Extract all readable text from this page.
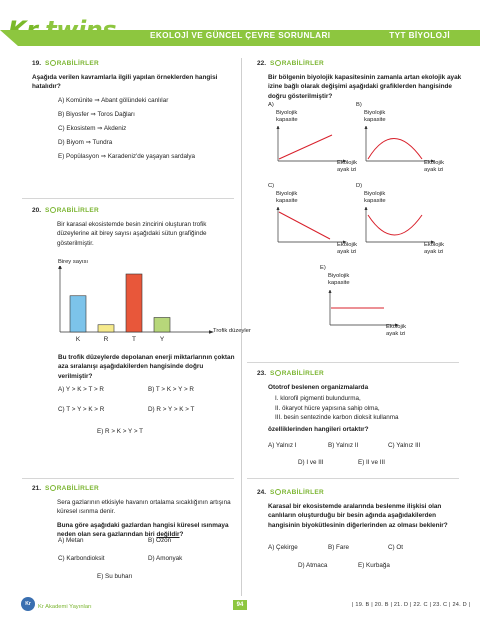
EKOLOJİ VE GÜNCEL ÇEVRE SORUNLARI	TYT BİYOLOJİ
19. S RABİLİRLER
Aşağıda verilen kavramlarla ilgili yapılan örneklerden hangisi hatalıdır?
A) Komünite ⇒ Abant gölündeki canlılar
B) Biyosfer ⇒ Toros Dağları
C) Ekosistem ⇒ Akdeniz
D) Biyom ⇒ Tundra
E) Popülasyon ⇒ Karadeniz'de yaşayan sardalya
20. S RABİLİRLER
Bir karasal ekosistemde besin zincirini oluşturan trofik düzeylerine ait birey sayısı aşağıdaki sütun grafiğinde gösterilmiştir.
Birey sayısı
K	R	T	Y
Trofik düzeyler
Bu trofik düzeylerde depolanan enerji miktarlarının çoktan aza sıralanışı aşağıdakilerden hangisinde doğru verilmiştir?
A) Y > K > T > R	B) T > K > Y > R
C) T > Y > K > R	D) R > Y > K > T
E) R > K > Y > T
21. S RABİLİRLER
Sera gazlarının etkisiyle havanın ortalama sıcaklığının artışına küresel ısınma denir.
Buna göre aşağıdaki gazlardan hangisi küresel ısınmaya neden olan sera gazlarından biri değildir?
A) Metan	B) Ozon
C) Karbondioksit	D) Amonyak
E) Su buharı
22. S RABİLİRLER
Bir bölgenin biyolojik kapasitesinin zamanla artan ekolojik ayak izine bağlı olarak değişimi aşağıdaki grafiklerden hangisinde doğru gösterilmiştir?
A)
Biyolojik
kapasite
Ekolojik
ayak izi
B)
Biyolojik
kapasite
Ekolojik
ayak izi
C)
Biyolojik
kapasite
Ekolojik
ayak izi
D)
Biyolojik
kapasite
Ekolojik
ayak izi
E)
Biyolojik
kapasite
Ekolojik
ayak izi
23. S RABİLİRLER
Ototrof beslenen organizmalarda
I. klorofil pigmenti bulundurma,
II. ökaryot hücre yapısına sahip olma,
III. besin sentezinde karbon dioksit kullanma
özelliklerinden hangileri ortaktır?
A) Yalnız I	B) Yalnız II	C) Yalnız III
D) I ve III	E) II ve III
24. S RABİLİRLER
Karasal bir ekosistemde aralarında beslenme ilişkisi olan canlıların oluşturduğu bir besin ağında aşağıdakilerden hangisinin biyokütlesinin diğerlerinden az olması beklenir?
A) Çekirge	B) Fare	C) Ot
D) Atmaca	E) Kurbağa
Kr	Kr Akademi Yayınları	94	| 19. B | 20. B | 21. D | 22. C | 23. C | 24. D |
